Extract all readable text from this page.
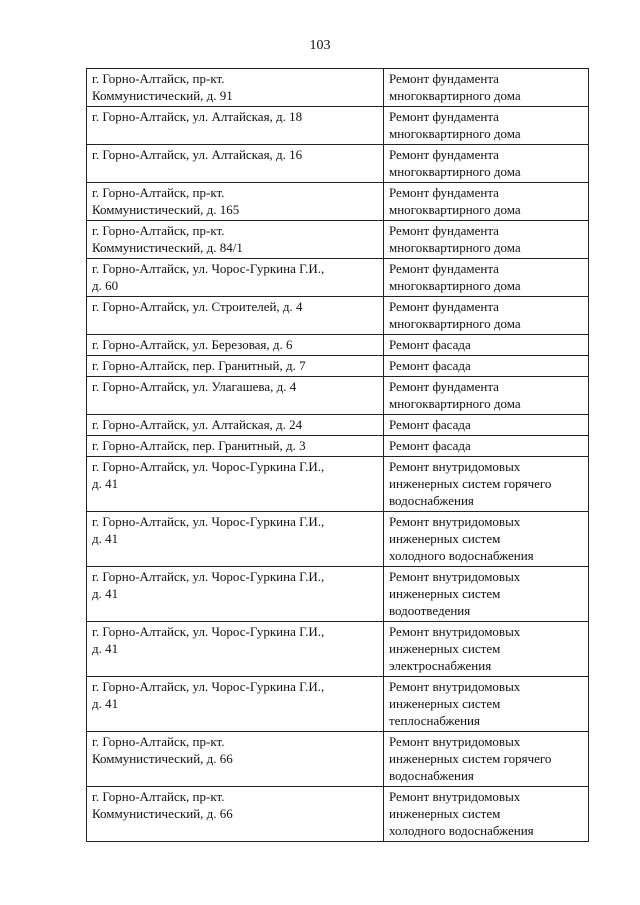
103
г. Горно-Алтайск, пр-кт.
Коммунистический, д. 91	Ремонт фундамента
многоквартирного дома
г. Горно-Алтайск, ул. Алтайская, д. 18	Ремонт фундамента
многоквартирного дома
г. Горно-Алтайск, ул. Алтайская, д. 16	Ремонт фундамента
многоквартирного дома
г. Горно-Алтайск, пр-кт.
Коммунистический, д. 165	Ремонт фундамента
многоквартирного дома
г. Горно-Алтайск, пр-кт.
Коммунистический, д. 84/1	Ремонт фундамента
многоквартирного дома
г. Горно-Алтайск, ул. Чорос-Гуркина Г.И.,
д. 60	Ремонт фундамента
многоквартирного дома
г. Горно-Алтайск, ул. Строителей, д. 4	Ремонт фундамента
многоквартирного дома
г. Горно-Алтайск, ул. Березовая, д. 6	Ремонт фасада
г. Горно-Алтайск, пер. Гранитный, д. 7	Ремонт фасада
г. Горно-Алтайск, ул. Улагашева, д. 4	Ремонт фундамента
многоквартирного дома
г. Горно-Алтайск, ул. Алтайская, д. 24	Ремонт фасада
г. Горно-Алтайск, пер. Гранитный, д. 3	Ремонт фасада
г. Горно-Алтайск, ул. Чорос-Гуркина Г.И.,
д. 41	Ремонт внутридомовых
инженерных систем горячего
водоснабжения
г. Горно-Алтайск, ул. Чорос-Гуркина Г.И.,
д. 41	Ремонт внутридомовых
инженерных систем
холодного водоснабжения
г. Горно-Алтайск, ул. Чорос-Гуркина Г.И.,
д. 41	Ремонт внутридомовых
инженерных систем
водоотведения
г. Горно-Алтайск, ул. Чорос-Гуркина Г.И.,
д. 41	Ремонт внутридомовых
инженерных систем
электроснабжения
г. Горно-Алтайск, ул. Чорос-Гуркина Г.И.,
д. 41	Ремонт внутридомовых
инженерных систем
теплоснабжения
г. Горно-Алтайск, пр-кт.
Коммунистический, д. 66	Ремонт внутридомовых
инженерных систем горячего
водоснабжения
г. Горно-Алтайск, пр-кт.
Коммунистический, д. 66	Ремонт внутридомовых
инженерных систем
холодного водоснабжения
